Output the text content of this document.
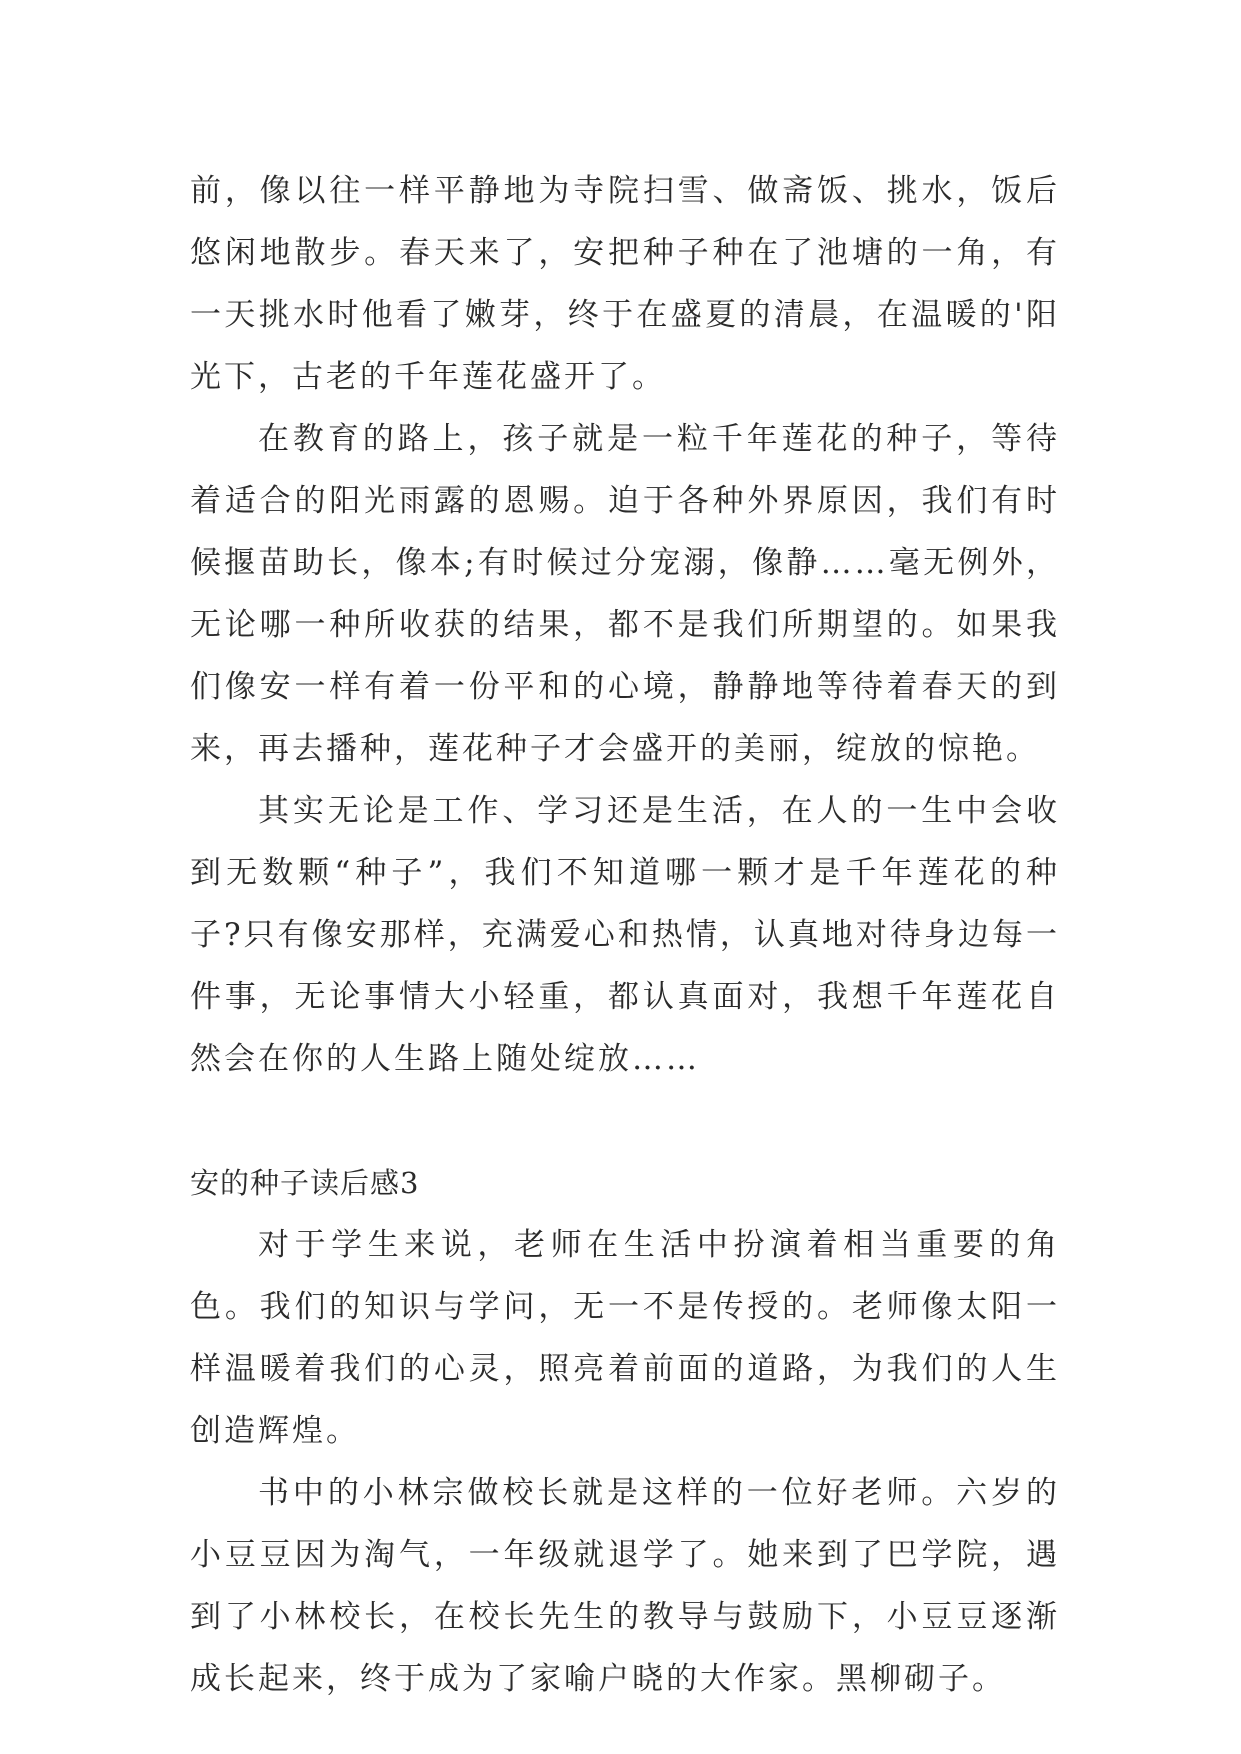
前，像以往一样平静地为寺院扫雪、做斋饭、挑水，饭后悠闲地散步。春天来了，安把种子种在了池塘的一角，有一天挑水时他看了嫩芽，终于在盛夏的清晨，在温暖的'阳光下，古老的千年莲花盛开了。

在教育的路上，孩子就是一粒千年莲花的种子，等待着适合的阳光雨露的恩赐。迫于各种外界原因，我们有时候揠苗助长，像本;有时候过分宠溺，像静……毫无例外，无论哪一种所收获的结果，都不是我们所期望的。如果我们像安一样有着一份平和的心境，静静地等待着春天的到来，再去播种，莲花种子才会盛开的美丽，绽放的惊艳。

其实无论是工作、学习还是生活，在人的一生中会收到无数颗“种子”，我们不知道哪一颗才是千年莲花的种子?只有像安那样，充满爱心和热情，认真地对待身边每一件事，无论事情大小轻重，都认真面对，我想千年莲花自然会在你的人生路上随处绽放……

安的种子读后感3

对于学生来说，老师在生活中扮演着相当重要的角色。我们的知识与学问，无一不是传授的。老师像太阳一样温暖着我们的心灵，照亮着前面的道路，为我们的人生创造辉煌。

书中的小林宗做校长就是这样的一位好老师。六岁的小豆豆因为淘气，一年级就退学了。她来到了巴学院，遇到了小林校长，在校长先生的教导与鼓励下，小豆豆逐渐成长起来，终于成为了家喻户晓的大作家。黑柳砌子。
